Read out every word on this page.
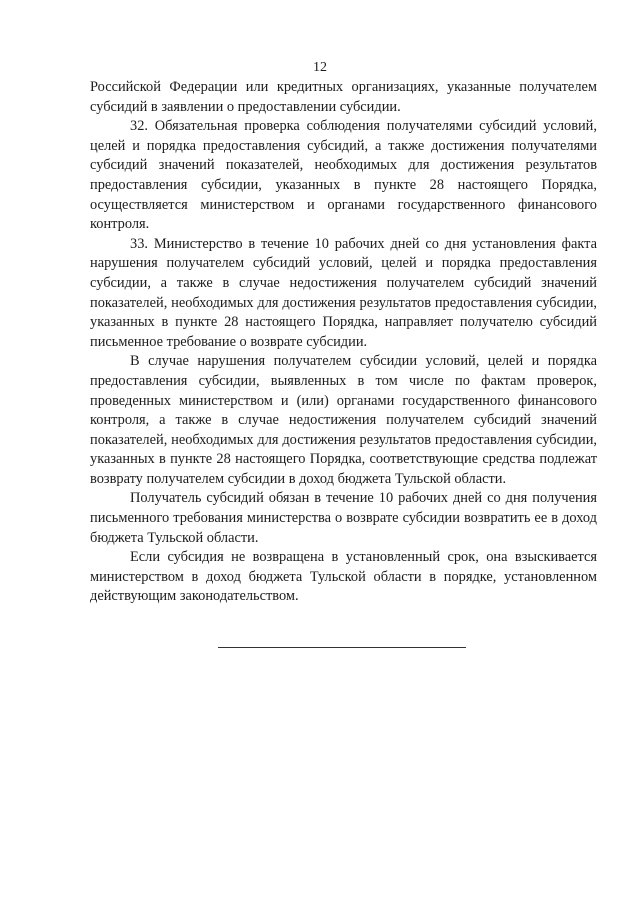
12

Российской Федерации или кредитных организациях, указанные получателем субсидий в заявлении о предоставлении субсидии.

32. Обязательная проверка соблюдения получателями субсидий условий, целей и порядка предоставления субсидий, а также достижения получателями субсидий значений показателей, необходимых для достижения результатов предоставления субсидии, указанных в пункте 28 настоящего Порядка, осуществляется министерством и органами государственного финансового контроля.

33. Министерство в течение 10 рабочих дней со дня установления факта нарушения получателем субсидий условий, целей и порядка предоставления субсидии, а также в случае недостижения получателем субсидий значений показателей, необходимых для достижения результатов предоставления субсидии, указанных в пункте 28 настоящего Порядка, направляет получателю субсидий письменное требование о возврате субсидии.

В случае нарушения получателем субсидии условий, целей и порядка предоставления субсидии, выявленных в том числе по фактам проверок, проведенных министерством и (или) органами государственного финансового контроля, а также в случае недостижения получателем субсидий значений показателей, необходимых для достижения результатов предоставления субсидии, указанных в пункте 28 настоящего Порядка, соответствующие средства подлежат возврату получателем субсидии в доход бюджета Тульской области.

Получатель субсидий обязан в течение 10 рабочих дней со дня получения письменного требования министерства о возврате субсидии возвратить ее в доход бюджета Тульской области.

Если субсидия не возвращена в установленный срок, она взыскивается министерством в доход бюджета Тульской области в порядке, установленном действующим законодательством.
